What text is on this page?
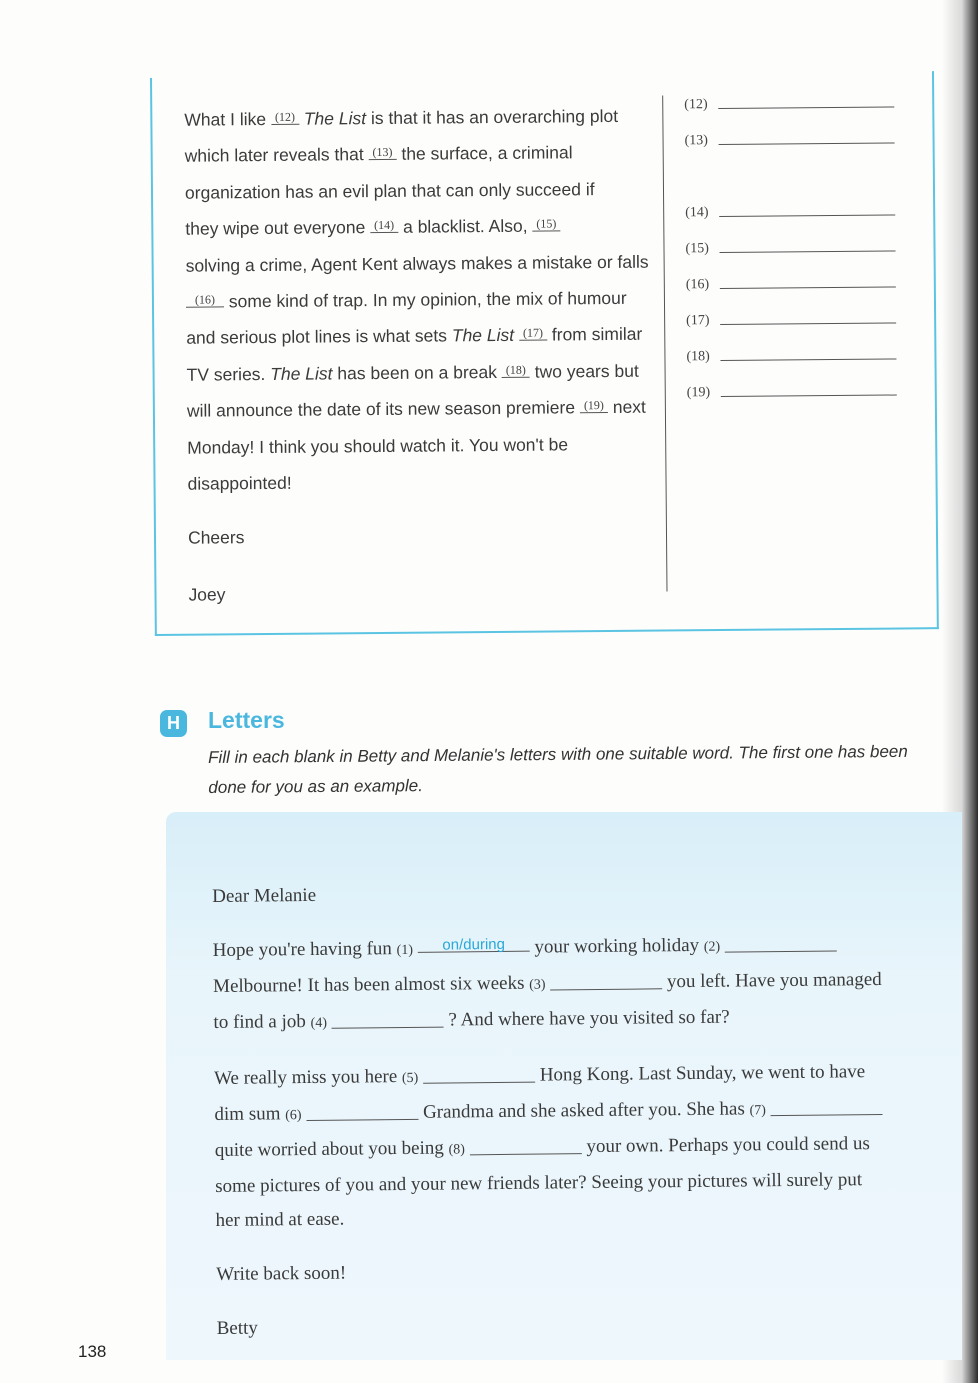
What I like (12) The List is that it has an overarching plot

which later reveals that (13) the surface, a criminal

organization has an evil plan that can only succeed if

they wipe out everyone (14) a blacklist. Also, (15)

solving a crime, Agent Kent always makes a mistake or falls

(16) some kind of trap. In my opinion, the mix of humour

and serious plot lines is what sets The List (17) from similar

TV series. The List has been on a break (18) two years but

will announce the date of its new season premiere (19) next

Monday! I think you should watch it. You won't be

disappointed!

Cheers

Joey

(12)
(13)
(14)
(15)
(16)
(17)
(18)
(19)
H	Letters
Fill in each blank in Betty and Melanie's letters with one suitable word. The first one has been done for you as an example.

Dear Melanie

Hope you're having fun (1) $^{on/during}$ your working holiday (2)

Melbourne! It has been almost six weeks (3)	you left. Have you managed

to find a job (4)	? And where have you visited so far?

We really miss you here (5)	Hong Kong. Last Sunday, we went to have

dim sum (6)	Grandma and she asked after you. She has (7)

quite worried about you being (8)	your own. Perhaps you could send us

some pictures of you and your new friends later? Seeing your pictures will surely put

her mind at ease.

Write back soon!

Betty

138
